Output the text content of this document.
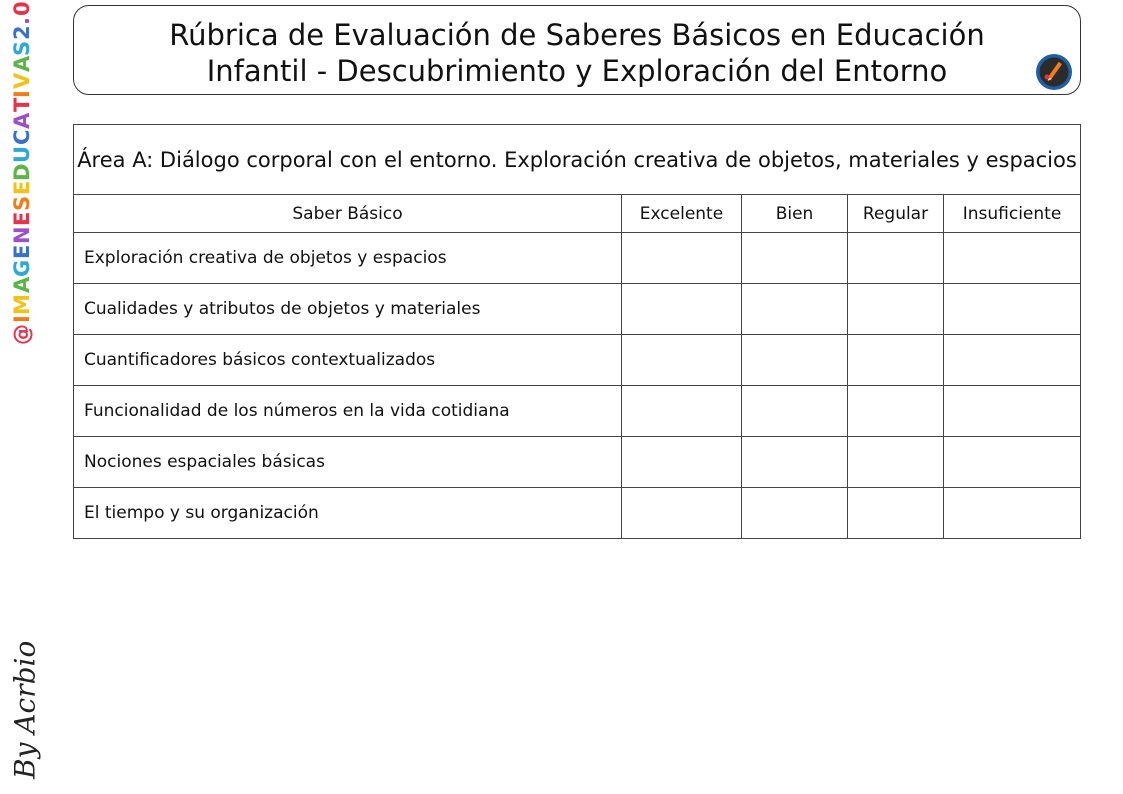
@
I
M
A
G
E
N
E
S
E
D
U
C
A
T
I
V
A
S
2
.
0
By Acrbio
Rúbrica de Evaluación de Saberes Básicos en Educación
Infantil - Descubrimiento y Exploración del Entorno
Área A: Diálogo corporal con el entorno. Exploración creativa de objetos, materiales y espacios				
Saber Básico	Excelente	Bien	Regular	Insuficiente
Exploración creativa de objetos y espacios				
Cualidades y atributos de objetos y materiales				
Cuantificadores básicos contextualizados				
Funcionalidad de los números en la vida cotidiana				
Nociones espaciales básicas				
El tiempo y su organización				
